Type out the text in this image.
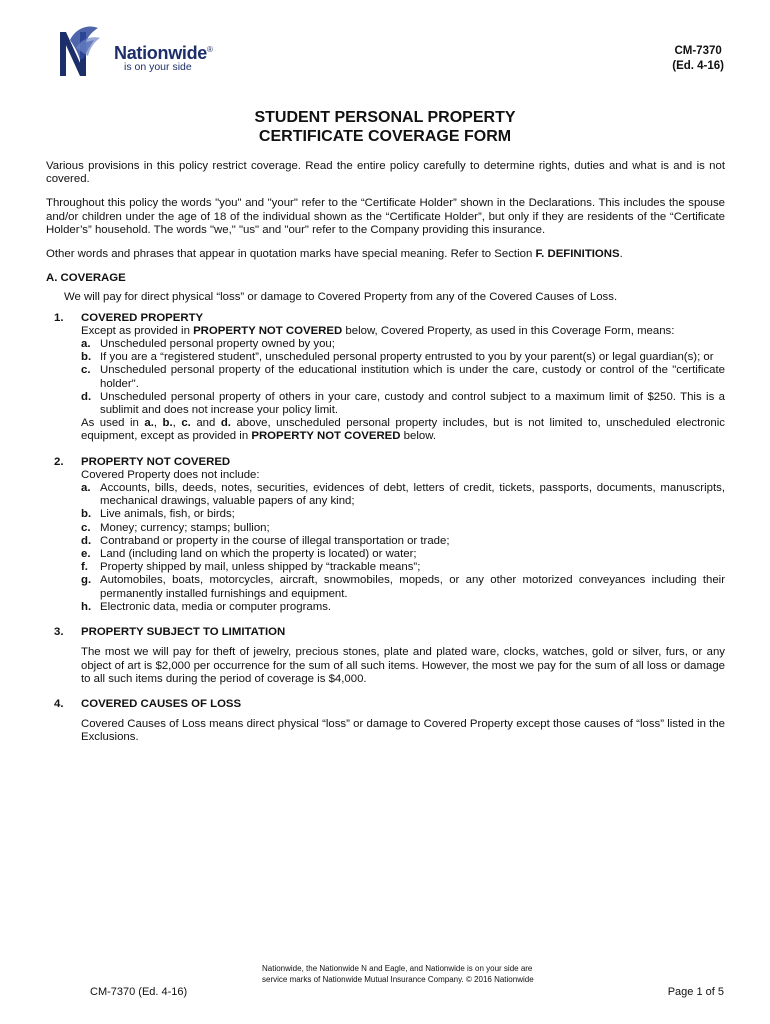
Nationwide®
is on your side
CM-7370
(Ed. 4-16)
STUDENT PERSONAL PROPERTY
CERTIFICATE COVERAGE FORM

Various provisions in this policy restrict coverage. Read the entire policy carefully to determine rights, duties and what is and is not covered.

Throughout this policy the words "you" and "your" refer to the “Certificate Holder” shown in the Declarations. This includes the spouse and/or children under the age of 18 of the individual shown as the “Certificate Holder”, but only if they are residents of the “Certificate Holder’s” household. The words "we," "us" and "our" refer to the Company providing this insurance.

Other words and phrases that appear in quotation marks have special meaning. Refer to Section F. DEFINITIONS.

A. COVERAGE

We will pay for direct physical “loss” or damage to Covered Property from any of the Covered Causes of Loss.

1.	COVERED PROPERTY

Except as provided in PROPERTY NOT COVERED below, Covered Property, as used in this Coverage Form, means:

a. Unscheduled personal property owned by you;
b. If you are a “registered student”, unscheduled personal property entrusted to you by your parent(s) or legal guardian(s); or
c. Unscheduled personal property of the educational institution which is under the care, custody or control of the "certificate holder".
d. Unscheduled personal property of others in your care, custody and control subject to a maximum limit of $250. This is a sublimit and does not increase your policy limit.

As used in a., b., c. and d. above, unscheduled personal property includes, but is not limited to, unscheduled electronic equipment, except as provided in PROPERTY NOT COVERED below.

2.	PROPERTY NOT COVERED

Covered Property does not include:

a. Accounts, bills, deeds, notes, securities, evidences of debt, letters of credit, tickets, passports, documents, manuscripts, mechanical drawings, valuable papers of any kind;
b. Live animals, fish, or birds;
c. Money; currency; stamps; bullion;
d. Contraband or property in the course of illegal transportation or trade;
e. Land (including land on which the property is located) or water;
f.	Property shipped by mail, unless shipped by “trackable means”;
g. Automobiles, boats, motorcycles, aircraft, snowmobiles, mopeds, or any other motorized conveyances including their permanently installed furnishings and equipment.
h. Electronic data, media or computer programs.
3.	PROPERTY SUBJECT TO LIMITATION

The most we will pay for theft of jewelry, precious stones, plate and plated ware, clocks, watches, gold or silver, furs, or any object of art is $2,000 per occurrence for the sum of all such items. However, the most we pay for the sum of all loss or damage to all such items during the period of coverage is $4,000.

4.	COVERED CAUSES OF LOSS

Covered Causes of Loss means direct physical “loss” or damage to Covered Property except those causes of “loss” listed in the Exclusions.

CM-7370 (Ed. 4-16)
Nationwide, the Nationwide N and Eagle, and Nationwide is on your side are
service marks of Nationwide Mutual Insurance Company. © 2016 Nationwide
Page 1 of 5
